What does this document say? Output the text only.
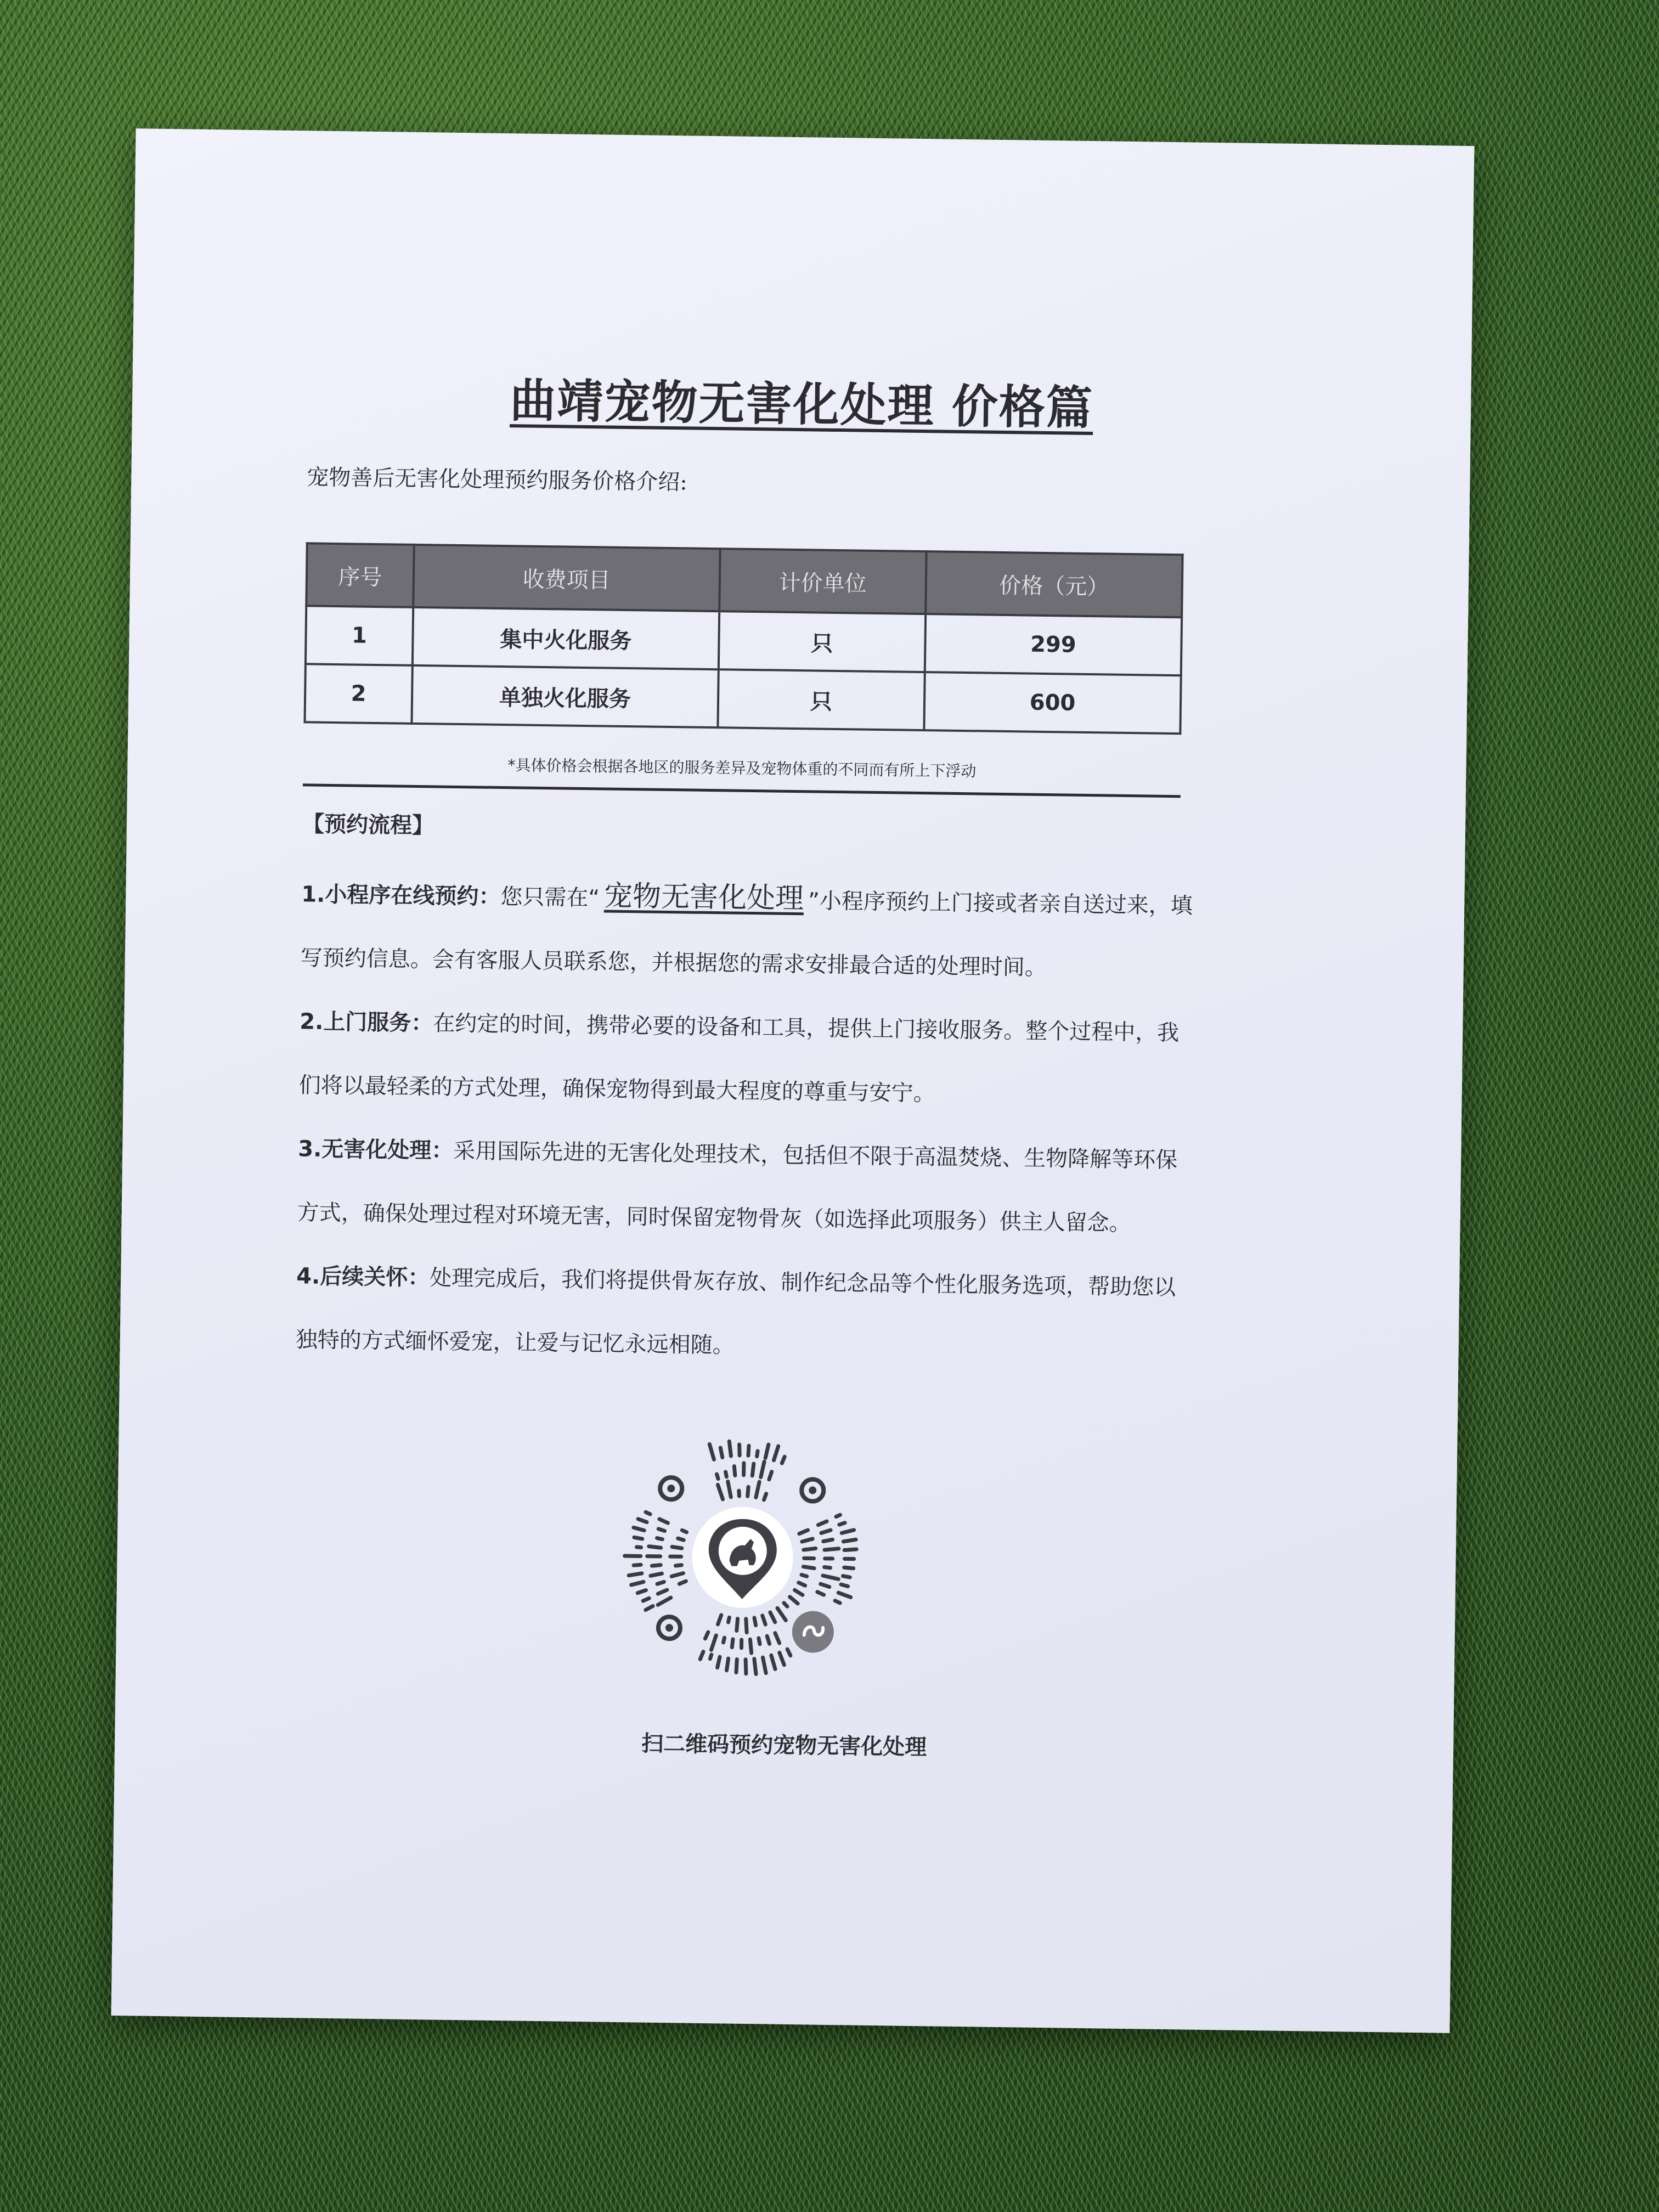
曲靖宠物无害化处理 价格篇
宠物善后无害化处理预约服务价格介绍:
序号	收费项目	计价单位	价格（元）
1	集中火化服务	只	299
2	单独火化服务	只	600
*具体价格会根据各地区的服务差异及宠物体重的不同而有所上下浮动
【预约流程】

1.小程序在线预约：您只需在“ 宠物无害化处理 ”小程序预约上门接或者亲自送过来，填写预约信息。会有客服人员联系您，并根据您的需求安排最合适的处理时间。

2.上门服务：在约定的时间，携带必要的设备和工具，提供上门接收服务。整个过程中，我们将以最轻柔的方式处理，确保宠物得到最大程度的尊重与安宁。

3.无害化处理：采用国际先进的无害化处理技术，包括但不限于高温焚烧、生物降解等环保方式，确保处理过程对环境无害，同时保留宠物骨灰（如选择此项服务）供主人留念。

4.后续关怀：处理完成后，我们将提供骨灰存放、制作纪念品等个性化服务选项，帮助您以独特的方式缅怀爱宠，让爱与记忆永远相随。

扫二维码预约宠物无害化处理
